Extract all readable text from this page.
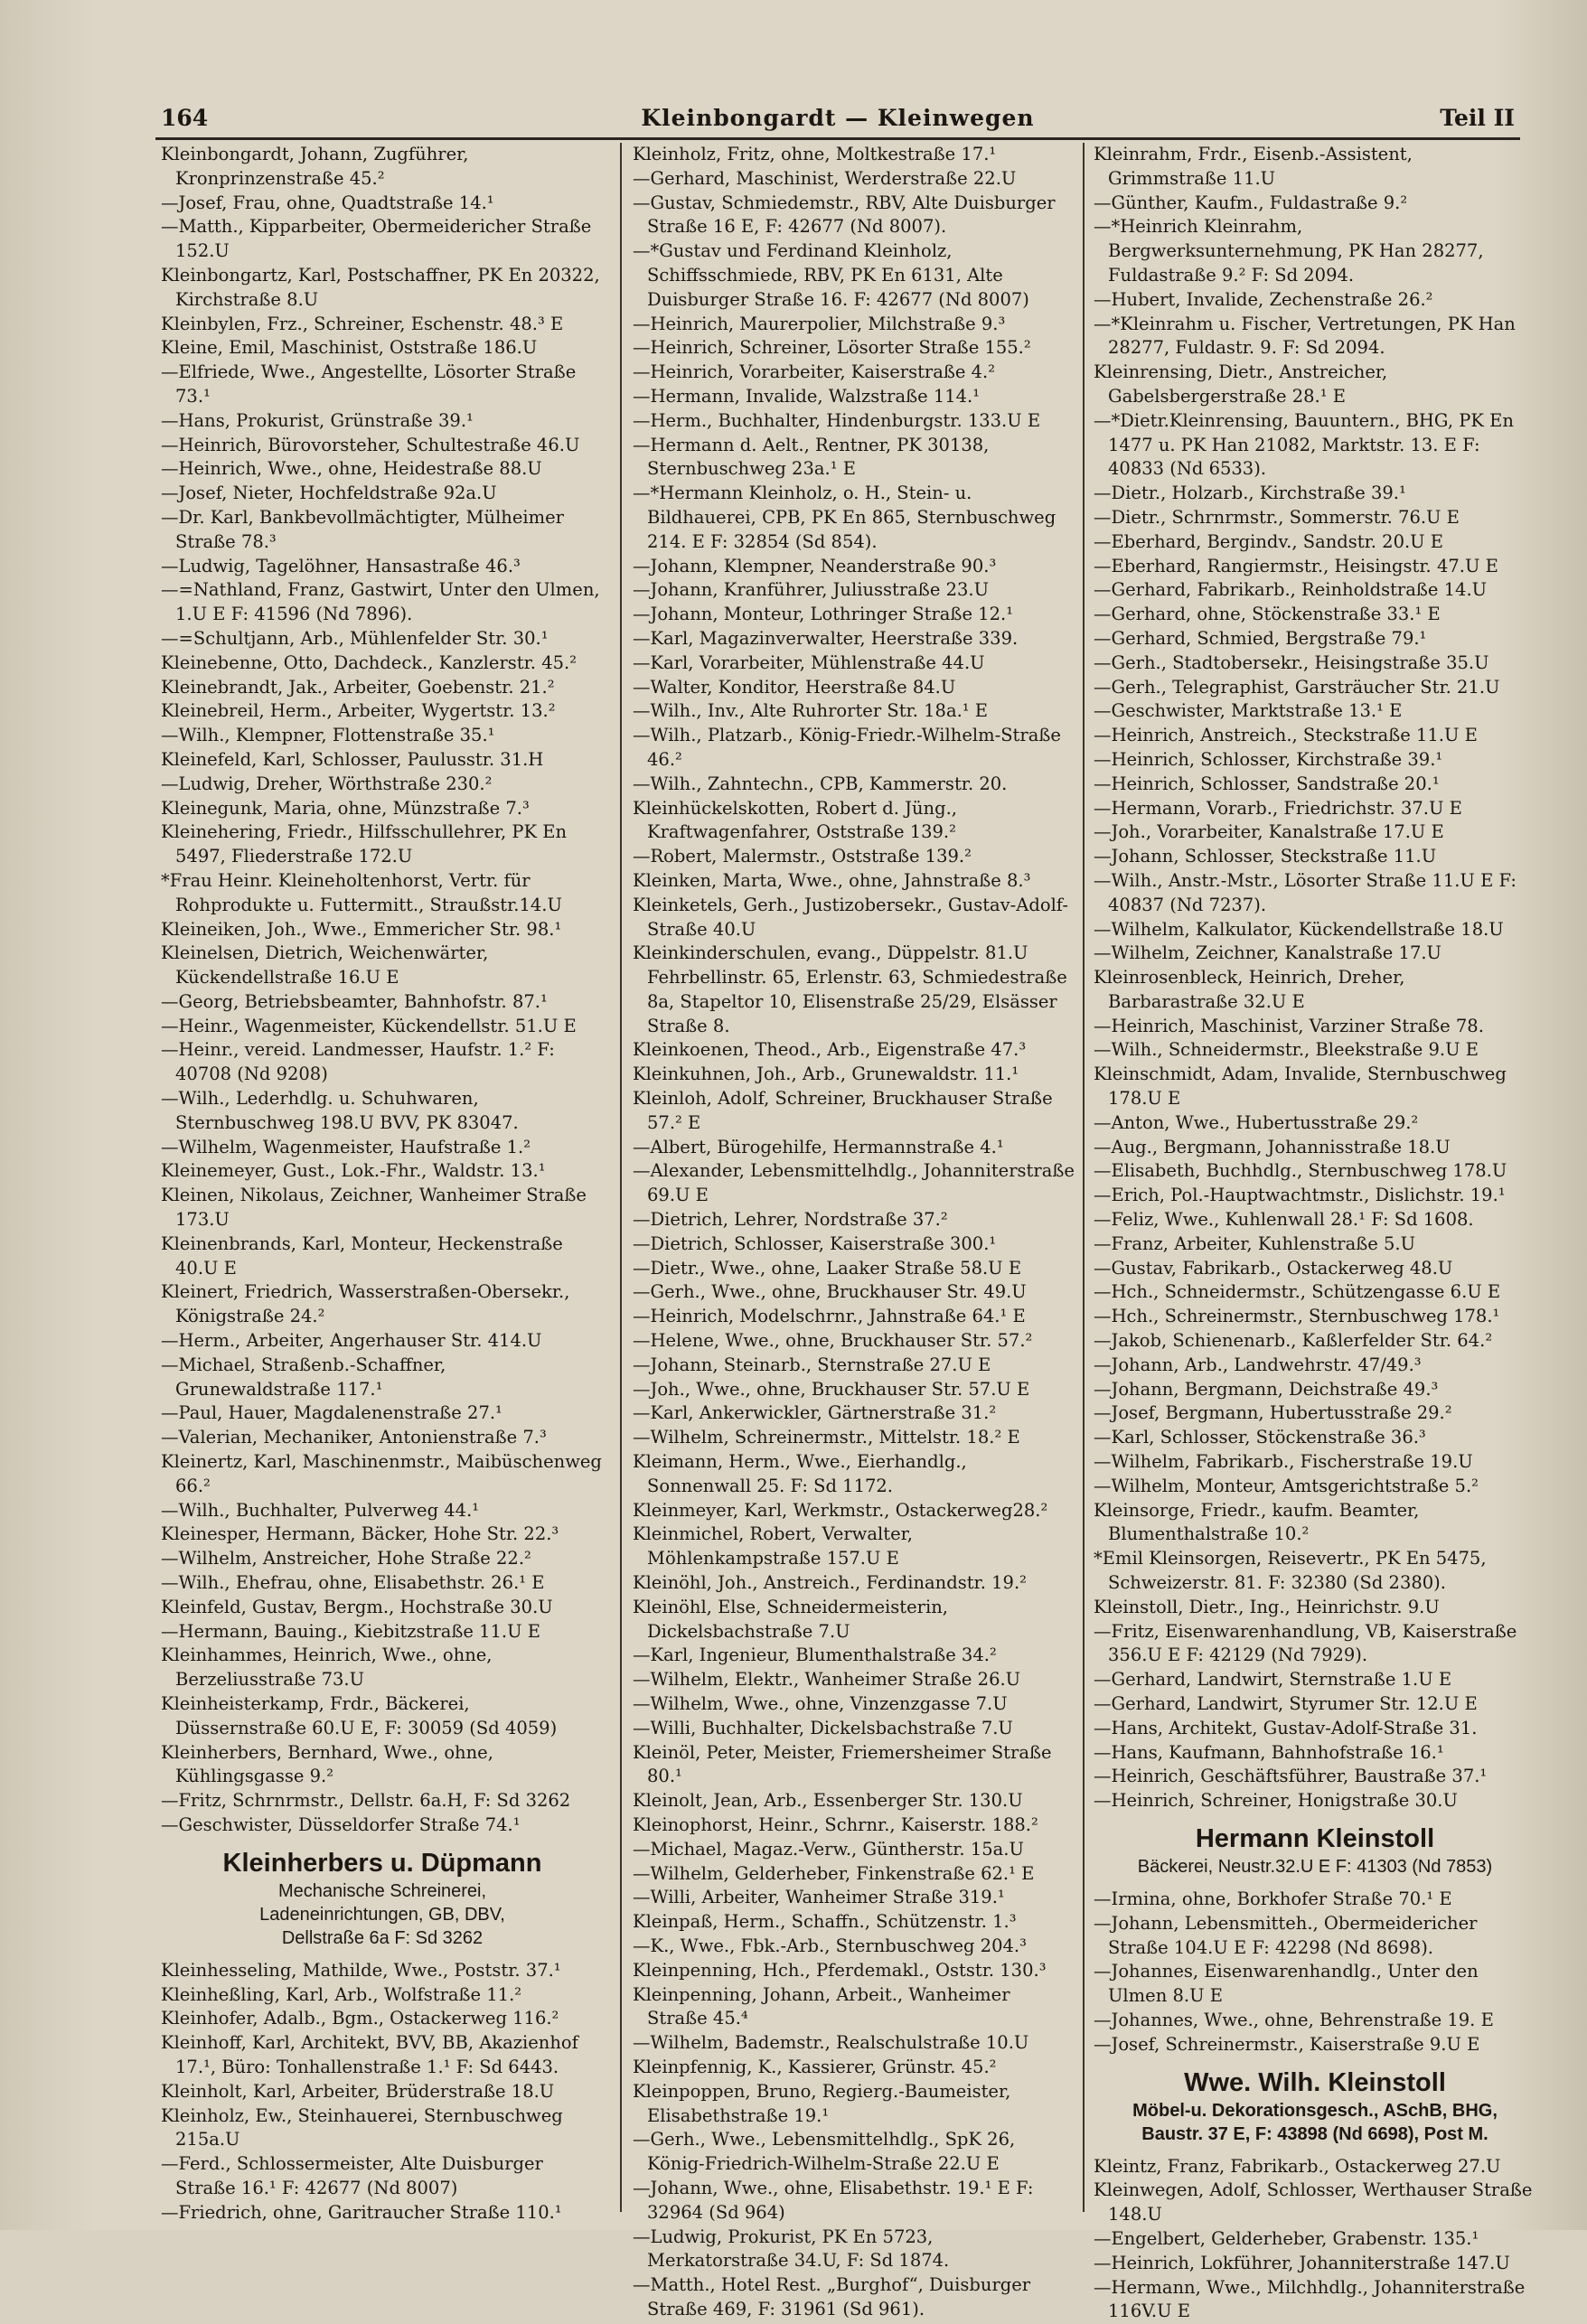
164	Kleinbongardt — Kleinwegen	Teil II

Kleinbongardt, Johann, Zugführer, Kronprinzenstraße 45.²

—Josef, Frau, ohne, Quadtstraße 14.¹

—Matth., Kipparbeiter, Obermeidericher Straße 152.U

Kleinbongartz, Karl, Postschaffner, PK En 20322, Kirchstraße 8.U

Kleinbylen, Frz., Schreiner, Eschenstr. 48.³ E

Kleine, Emil, Maschinist, Oststraße 186.U

—Elfriede, Wwe., Angestellte, Lösorter Straße 73.¹

—Hans, Prokurist, Grünstraße 39.¹

—Heinrich, Bürovorsteher, Schultestraße 46.U

—Heinrich, Wwe., ohne, Heidestraße 88.U

—Josef, Nieter, Hochfeldstraße 92a.U

—Dr. Karl, Bankbevollmächtigter, Mülheimer Straße 78.³

—Ludwig, Tagelöhner, Hansastraße 46.³

—=Nathland, Franz, Gastwirt, Unter den Ulmen, 1.U E F: 41596 (Nd 7896).

—=Schultjann, Arb., Mühlenfelder Str. 30.¹

Kleinebenne, Otto, Dachdeck., Kanzlerstr. 45.²

Kleinebrandt, Jak., Arbeiter, Goebenstr. 21.²

Kleinebreil, Herm., Arbeiter, Wygertstr. 13.²

—Wilh., Klempner, Flottenstraße 35.¹

Kleinefeld, Karl, Schlosser, Paulusstr. 31.H

—Ludwig, Dreher, Wörthstraße 230.²

Kleinegunk, Maria, ohne, Münzstraße 7.³

Kleinehering, Friedr., Hilfsschullehrer, PK En 5497, Fliederstraße 172.U

*Frau Heinr. Kleineholtenhorst, Vertr. für Rohprodukte u. Futtermitt., Straußstr.14.U

Kleineiken, Joh., Wwe., Emmericher Str. 98.¹

Kleinelsen, Dietrich, Weichenwärter, Kückendellstraße 16.U E

—Georg, Betriebsbeamter, Bahnhofstr. 87.¹

—Heinr., Wagenmeister, Kückendellstr. 51.U E

—Heinr., vereid. Landmesser, Haufstr. 1.² F: 40708 (Nd 9208)

—Wilh., Lederhdlg. u. Schuhwaren, Sternbuschweg 198.U BVV, PK 83047.

—Wilhelm, Wagenmeister, Haufstraße 1.²

Kleinemeyer, Gust., Lok.-Fhr., Waldstr. 13.¹

Kleinen, Nikolaus, Zeichner, Wanheimer Straße 173.U

Kleinenbrands, Karl, Monteur, Heckenstraße 40.U E

Kleinert, Friedrich, Wasserstraßen-Obersekr., Königstraße 24.²

—Herm., Arbeiter, Angerhauser Str. 414.U

—Michael, Straßenb.-Schaffner, Grunewaldstraße 117.¹

—Paul, Hauer, Magdalenenstraße 27.¹

—Valerian, Mechaniker, Antonienstraße 7.³

Kleinertz, Karl, Maschinenmstr., Maibüschenweg 66.²

—Wilh., Buchhalter, Pulverweg 44.¹

Kleinesper, Hermann, Bäcker, Hohe Str. 22.³

—Wilhelm, Anstreicher, Hohe Straße 22.²

—Wilh., Ehefrau, ohne, Elisabethstr. 26.¹ E

Kleinfeld, Gustav, Bergm., Hochstraße 30.U

—Hermann, Bauing., Kiebitzstraße 11.U E

Kleinhammes, Heinrich, Wwe., ohne, Berzeliusstraße 73.U

Kleinheisterkamp, Frdr., Bäckerei, Düssernstraße 60.U E, F: 30059 (Sd 4059)

Kleinherbers, Bernhard, Wwe., ohne, Kühlingsgasse 9.²

—Fritz, Schrnrmstr., Dellstr. 6a.H, F: Sd 3262

—Geschwister, Düsseldorfer Straße 74.¹

Kleinherbers u. Düpmann
Mechanische Schreinerei,
Ladeneinrichtungen, GB, DBV,
Dellstraße 6a F: Sd 3262

Kleinhesseling, Mathilde, Wwe., Poststr. 37.¹

Kleinheßling, Karl, Arb., Wolfstraße 11.²

Kleinhofer, Adalb., Bgm., Ostackerweg 116.²

Kleinhoff, Karl, Architekt, BVV, BB, Akazienhof 17.¹, Büro: Tonhallenstraße 1.¹ F: Sd 6443.

Kleinholt, Karl, Arbeiter, Brüderstraße 18.U

Kleinholz, Ew., Steinhauerei, Sternbuschweg 215a.U

—Ferd., Schlossermeister, Alte Duisburger Straße 16.¹ F: 42677 (Nd 8007)

—Friedrich, ohne, Garitraucher Straße 110.¹

Kleinholz, Fritz, ohne, Moltkestraße 17.¹

—Gerhard, Maschinist, Werderstraße 22.U

—Gustav, Schmiedemstr., RBV, Alte Duisburger Straße 16 E, F: 42677 (Nd 8007).

—*Gustav und Ferdinand Kleinholz, Schiffsschmiede, RBV, PK En 6131, Alte Duisburger Straße 16. F: 42677 (Nd 8007)

—Heinrich, Maurerpolier, Milchstraße 9.³

—Heinrich, Schreiner, Lösorter Straße 155.²

—Heinrich, Vorarbeiter, Kaiserstraße 4.²

—Hermann, Invalide, Walzstraße 114.¹

—Herm., Buchhalter, Hindenburgstr. 133.U E

—Hermann d. Aelt., Rentner, PK 30138, Sternbuschweg 23a.¹ E

—*Hermann Kleinholz, o. H., Stein- u. Bildhauerei, CPB, PK En 865, Sternbuschweg 214. E F: 32854 (Sd 854).

—Johann, Klempner, Neanderstraße 90.³

—Johann, Kranführer, Juliusstraße 23.U

—Johann, Monteur, Lothringer Straße 12.¹

—Karl, Magazinverwalter, Heerstraße 339.

—Karl, Vorarbeiter, Mühlenstraße 44.U

—Walter, Konditor, Heerstraße 84.U

—Wilh., Inv., Alte Ruhrorter Str. 18a.¹ E

—Wilh., Platzarb., König-Friedr.-Wilhelm-Straße 46.²

—Wilh., Zahntechn., CPB, Kammerstr. 20.

Kleinhückelskotten, Robert d. Jüng., Kraftwagenfahrer, Oststraße 139.²

—Robert, Malermstr., Oststraße 139.²

Kleinken, Marta, Wwe., ohne, Jahnstraße 8.³

Kleinketels, Gerh., Justizobersekr., Gustav-Adolf-Straße 40.U

Kleinkinderschulen, evang., Düppelstr. 81.U Fehrbellinstr. 65, Erlenstr. 63, Schmiedestraße 8a, Stapeltor 10, Elisenstraße 25/29, Elsässer Straße 8.

Kleinkoenen, Theod., Arb., Eigenstraße 47.³

Kleinkuhnen, Joh., Arb., Grunewaldstr. 11.¹

Kleinloh, Adolf, Schreiner, Bruckhauser Straße 57.² E

—Albert, Bürogehilfe, Hermannstraße 4.¹

—Alexander, Lebensmittelhdlg., Johanniterstraße 69.U E

—Dietrich, Lehrer, Nordstraße 37.²

—Dietrich, Schlosser, Kaiserstraße 300.¹

—Dietr., Wwe., ohne, Laaker Straße 58.U E

—Gerh., Wwe., ohne, Bruckhauser Str. 49.U

—Heinrich, Modelschrnr., Jahnstraße 64.¹ E

—Helene, Wwe., ohne, Bruckhauser Str. 57.²

—Johann, Steinarb., Sternstraße 27.U E

—Joh., Wwe., ohne, Bruckhauser Str. 57.U E

—Karl, Ankerwickler, Gärtnerstraße 31.²

—Wilhelm, Schreinermstr., Mittelstr. 18.² E

Kleimann, Herm., Wwe., Eierhandlg., Sonnenwall 25. F: Sd 1172.

Kleinmeyer, Karl, Werkmstr., Ostackerweg28.²

Kleinmichel, Robert, Verwalter, Möhlenkampstraße 157.U E

Kleinöhl, Joh., Anstreich., Ferdinandstr. 19.²

Kleinöhl, Else, Schneidermeisterin, Dickelsbachstraße 7.U

—Karl, Ingenieur, Blumenthalstraße 34.²

—Wilhelm, Elektr., Wanheimer Straße 26.U

—Wilhelm, Wwe., ohne, Vinzenzgasse 7.U

—Willi, Buchhalter, Dickelsbachstraße 7.U

Kleinöl, Peter, Meister, Friemersheimer Straße 80.¹

Kleinolt, Jean, Arb., Essenberger Str. 130.U

Kleinophorst, Heinr., Schrnr., Kaiserstr. 188.²

—Michael, Magaz.-Verw., Güntherstr. 15a.U

—Wilhelm, Gelderheber, Finkenstraße 62.¹ E

—Willi, Arbeiter, Wanheimer Straße 319.¹

Kleinpaß, Herm., Schaffn., Schützenstr. 1.³

—K., Wwe., Fbk.-Arb., Sternbuschweg 204.³

Kleinpenning, Hch., Pferdemakl., Oststr. 130.³

Kleinpenning, Johann, Arbeit., Wanheimer Straße 45.⁴

—Wilhelm, Bademstr., Realschulstraße 10.U

Kleinpfennig, K., Kassierer, Grünstr. 45.²

Kleinpoppen, Bruno, Regierg.-Baumeister, Elisabethstraße 19.¹

—Gerh., Wwe., Lebensmittelhdlg., SpK 26, König-Friedrich-Wilhelm-Straße 22.U E

—Johann, Wwe., ohne, Elisabethstr. 19.¹ E F: 32964 (Sd 964)

—Ludwig, Prokurist, PK En 5723, Merkatorstraße 34.U, F: Sd 1874.

—Matth., Hotel Rest. „Burghof“, Duisburger Straße 469, F: 31961 (Sd 961).

Kleinrahm, Frdr., Eisenb.-Assistent, Grimmstraße 11.U

—Günther, Kaufm., Fuldastraße 9.²

—*Heinrich Kleinrahm, Bergwerksunternehmung, PK Han 28277, Fuldastraße 9.² F: Sd 2094.

—Hubert, Invalide, Zechenstraße 26.²

—*Kleinrahm u. Fischer, Vertretungen, PK Han 28277, Fuldastr. 9. F: Sd 2094.

Kleinrensing, Dietr., Anstreicher, Gabelsbergerstraße 28.¹ E

—*Dietr.Kleinrensing, Bauuntern., BHG, PK En 1477 u. PK Han 21082, Marktstr. 13. E F: 40833 (Nd 6533).

—Dietr., Holzarb., Kirchstraße 39.¹

—Dietr., Schrnrmstr., Sommerstr. 76.U E

—Eberhard, Bergindv., Sandstr. 20.U E

—Eberhard, Rangiermstr., Heisingstr. 47.U E

—Gerhard, Fabrikarb., Reinholdstraße 14.U

—Gerhard, ohne, Stöckenstraße 33.¹ E

—Gerhard, Schmied, Bergstraße 79.¹

—Gerh., Stadtobersekr., Heisingstraße 35.U

—Gerh., Telegraphist, Garsträucher Str. 21.U

—Geschwister, Marktstraße 13.¹ E

—Heinrich, Anstreich., Steckstraße 11.U E

—Heinrich, Schlosser, Kirchstraße 39.¹

—Heinrich, Schlosser, Sandstraße 20.¹

—Hermann, Vorarb., Friedrichstr. 37.U E

—Joh., Vorarbeiter, Kanalstraße 17.U E

—Johann, Schlosser, Steckstraße 11.U

—Wilh., Anstr.-Mstr., Lösorter Straße 11.U E F: 40837 (Nd 7237).

—Wilhelm, Kalkulator, Kückendellstraße 18.U

—Wilhelm, Zeichner, Kanalstraße 17.U

Kleinrosenbleck, Heinrich, Dreher, Barbarastraße 32.U E

—Heinrich, Maschinist, Varziner Straße 78.

—Wilh., Schneidermstr., Bleekstraße 9.U E

Kleinschmidt, Adam, Invalide, Sternbuschweg 178.U E

—Anton, Wwe., Hubertusstraße 29.²

—Aug., Bergmann, Johannisstraße 18.U

—Elisabeth, Buchhdlg., Sternbuschweg 178.U

—Erich, Pol.-Hauptwachtmstr., Dislichstr. 19.¹

—Feliz, Wwe., Kuhlenwall 28.¹ F: Sd 1608.

—Franz, Arbeiter, Kuhlenstraße 5.U

—Gustav, Fabrikarb., Ostackerweg 48.U

—Hch., Schneidermstr., Schützengasse 6.U E

—Hch., Schreinermstr., Sternbuschweg 178.¹

—Jakob, Schienenarb., Kaßlerfelder Str. 64.²

—Johann, Arb., Landwehrstr. 47/49.³

—Johann, Bergmann, Deichstraße 49.³

—Josef, Bergmann, Hubertusstraße 29.²

—Karl, Schlosser, Stöckenstraße 36.³

—Wilhelm, Fabrikarb., Fischerstraße 19.U

—Wilhelm, Monteur, Amtsgerichtstraße 5.²

Kleinsorge, Friedr., kaufm. Beamter, Blumenthalstraße 10.²

*Emil Kleinsorgen, Reisevertr., PK En 5475, Schweizerstr. 81. F: 32380 (Sd 2380).

Kleinstoll, Dietr., Ing., Heinrichstr. 9.U

—Fritz, Eisenwarenhandlung, VB, Kaiserstraße 356.U E F: 42129 (Nd 7929).

—Gerhard, Landwirt, Sternstraße 1.U E

—Gerhard, Landwirt, Styrumer Str. 12.U E

—Hans, Architekt, Gustav-Adolf-Straße 31.

—Hans, Kaufmann, Bahnhofstraße 16.¹

—Heinrich, Geschäftsführer, Baustraße 37.¹

—Heinrich, Schreiner, Honigstraße 30.U

Hermann Kleinstoll
Bäckerei, Neustr.32.U E F: 41303 (Nd 7853)

—Irmina, ohne, Borkhofer Straße 70.¹ E

—Johann, Lebensmitteh., Obermeidericher Straße 104.U E F: 42298 (Nd 8698).

—Johannes, Eisenwarenhandlg., Unter den Ulmen 8.U E

—Johannes, Wwe., ohne, Behrenstraße 19. E

—Josef, Schreinermstr., Kaiserstraße 9.U E

Wwe. Wilh. Kleinstoll
Möbel-u. Dekorationsgesch., ASchB, BHG,
Baustr. 37 E, F: 43898 (Nd 6698), Post M.

Kleintz, Franz, Fabrikarb., Ostackerweg 27.U

Kleinwegen, Adolf, Schlosser, Werthauser Straße 148.U

—Engelbert, Gelderheber, Grabenstr. 135.¹

—Heinrich, Lokführer, Johanniterstraße 147.U

—Hermann, Wwe., Milchhdlg., Johanniterstraße 116V.U E
